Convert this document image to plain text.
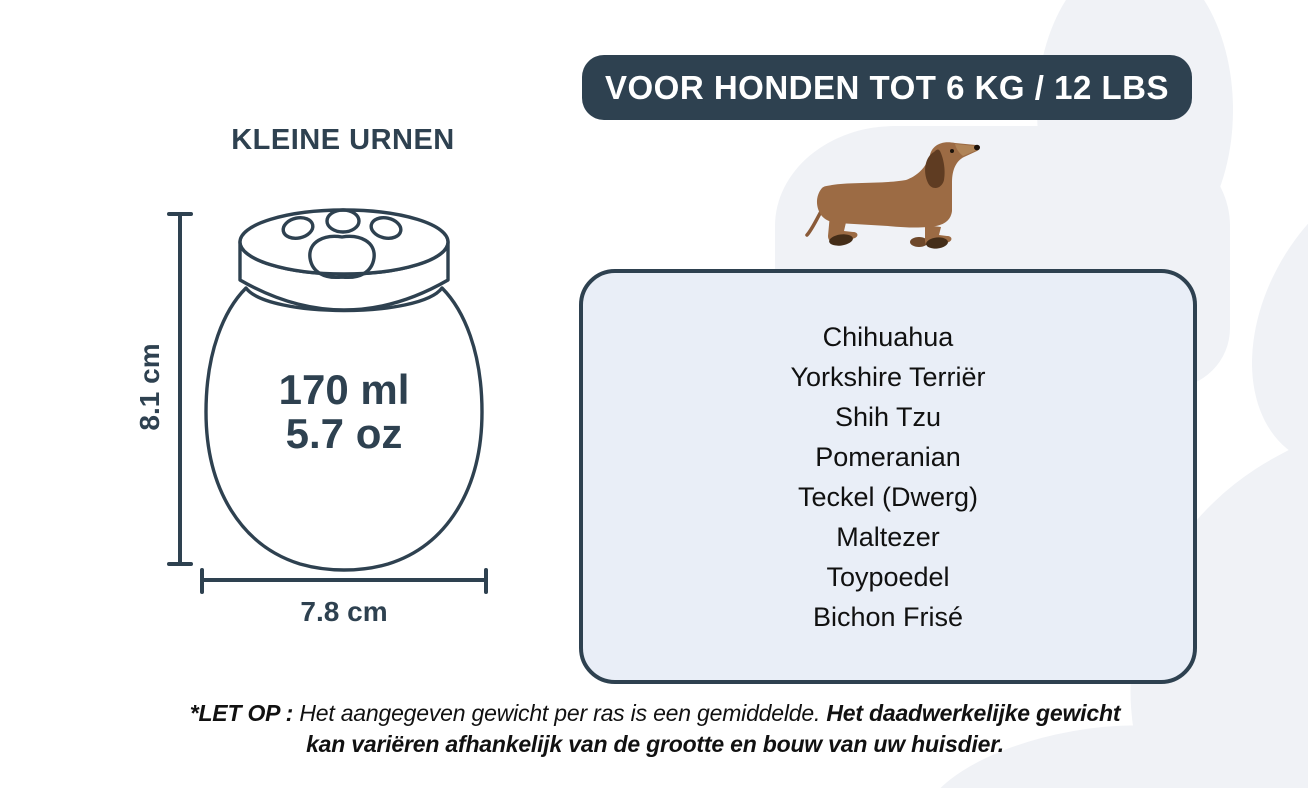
VOOR HONDEN TOT 6 KG / 12 LBS
KLEINE URNEN
170 ml
5.7 oz
8.1 cm
7.8 cm
Chihuahua
Yorkshire Terriër
Shih Tzu
Pomeranian
Teckel (Dwerg)
Maltezer
Toypoedel
Bichon Frisé
*LET OP : Het aangegeven gewicht per ras is een gemiddelde. Het daadwerkelijke gewicht kan variëren afhankelijk van de grootte en bouw van uw huisdier.
